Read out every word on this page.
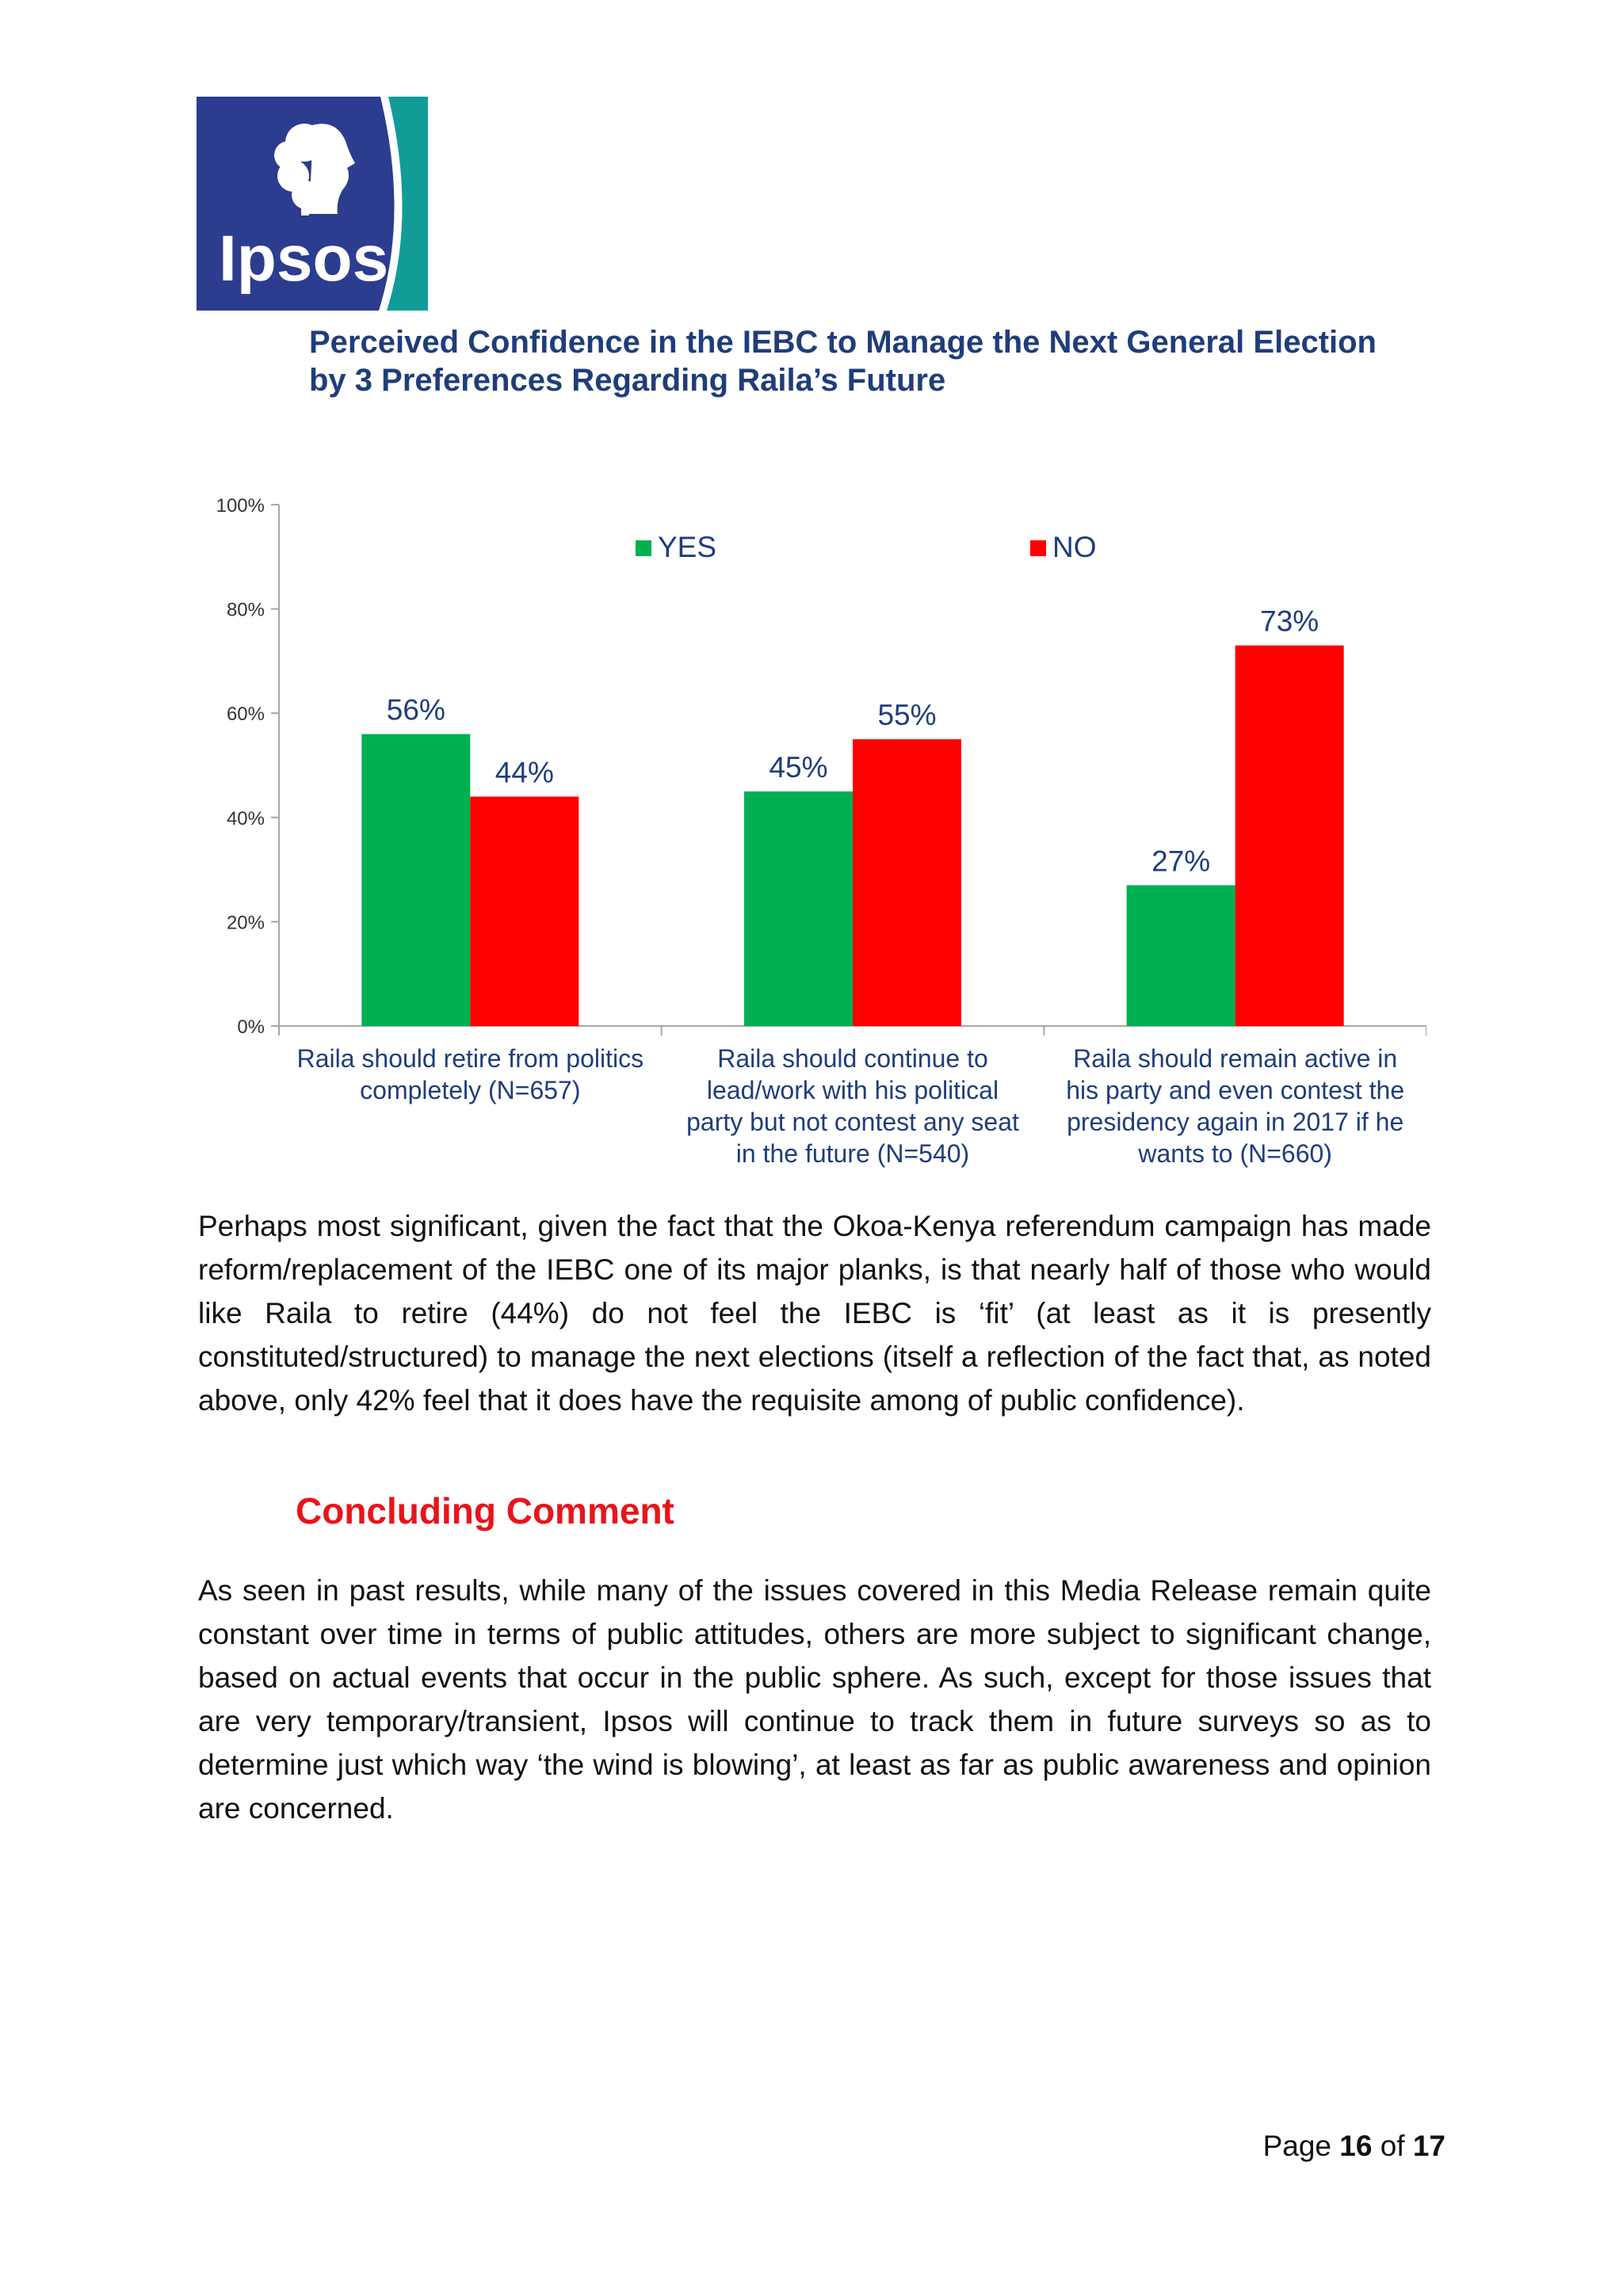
Ipsos
Perceived Confidence in the IEBC to Manage the Next General Election by 3 Preferences Regarding Raila’s Future
0%
20%
40%
60%
80%
100%
56%
44%
Raila should retire from politics
completely (N=657)
45%
55%
Raila should continue to
lead/work with his political
party but not contest any seat
in the future (N=540)
27%
73%
Raila should remain active in
his party and even contest the
presidency again in 2017 if he
wants to (N=660)
YES	NO
Perhaps most significant, given the fact that the Okoa-Kenya referendum campaign has made reform/replacement of the IEBC one of its major planks, is that nearly half of those who would like Raila to retire (44%) do not feel the IEBC is ‘fit’ (at least as it is presently constituted/structured) to manage the next elections (itself a reflection of the fact that, as noted above, only 42% feel that it does have the requisite among of public confidence).
Concluding Comment
As seen in past results, while many of the issues covered in this Media Release remain quite constant over time in terms of public attitudes, others are more subject to significant change, based on actual events that occur in the public sphere. As such, except for those issues that are very temporary/transient, Ipsos will continue to track them in future surveys so as to determine just which way ‘the wind is blowing’, at least as far as public awareness and opinion are concerned.
Page 16 of 17
